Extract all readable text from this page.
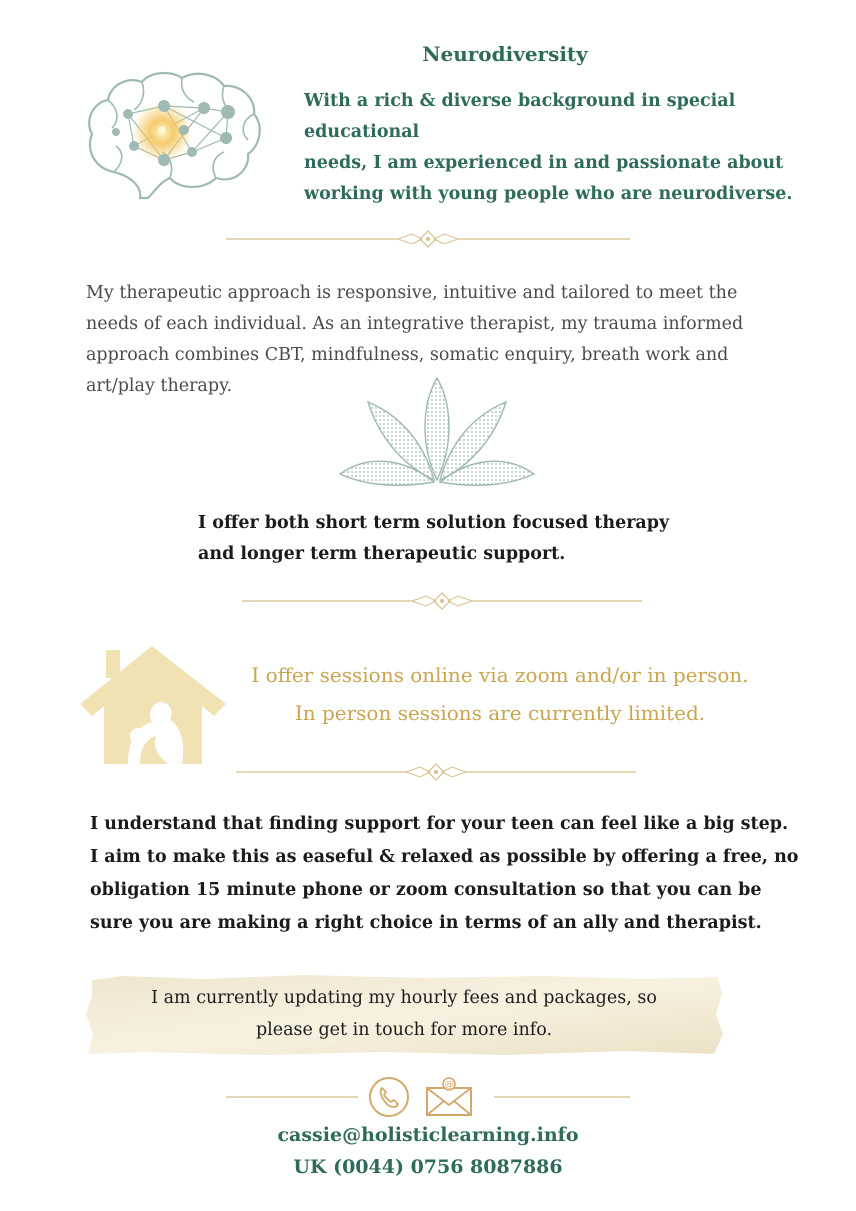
Neurodiversity
With a rich & diverse background in special educational
needs, I am experienced in and passionate about
working with young people who are neurodiverse.
My therapeutic approach is responsive, intuitive and tailored to meet the
needs of each individual. As an integrative therapist, my trauma informed
approach combines CBT, mindfulness, somatic enquiry, breath work and
art/play therapy.
I offer both short term solution focused therapy
and longer term therapeutic support.
I offer sessions online via zoom and/or in person.
In person sessions are currently limited.
I understand that finding support for your teen can feel like a big step.
I aim to make this as easeful & relaxed as possible by offering a free, no
obligation 15 minute phone or zoom consultation so that you can be
sure you are making a right choice in terms of an ally and therapist.
I am currently updating my hourly fees and packages, so
please get in touch for more info.
@
cassie@holisticlearning.info
UK (0044) 0756 8087886
